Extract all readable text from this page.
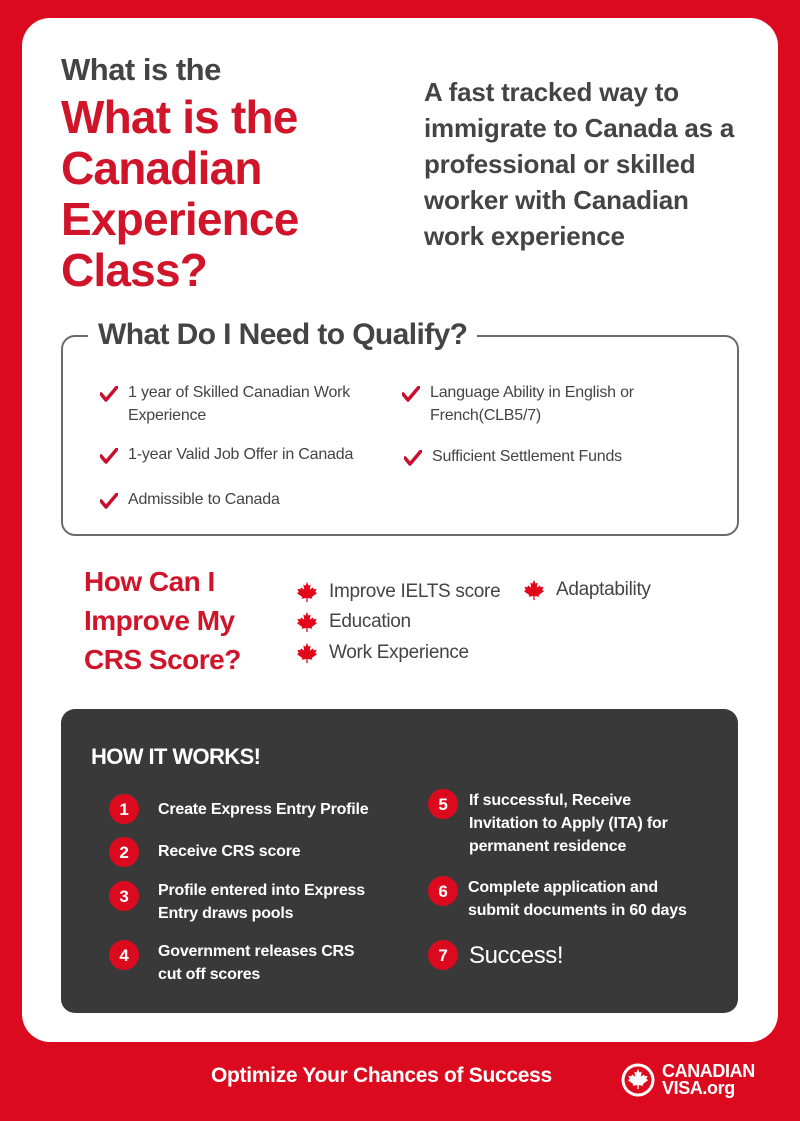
What is the
What is the Canadian Experience Class?

A fast tracked way to immigrate to Canada as a professional or skilled worker with Canadian work experience

What Do I Need to Qualify?
1 year of Skilled Canadian Work Experience
Language Ability in English or French(CLB5/7)
1-year Valid Job Offer in Canada	Sufficient Settlement Funds
Admissible to Canada
How Can I Improve My CRS Score?
Improve IELTS score	Adaptability
Education
Work Experience
HOW IT WORKS!
1	Create Express Entry Profile
2	Receive CRS score
3	Profile entered into Express Entry draws pools
4	Government releases CRS cut off scores
5	If successful, Receive Invitation to Apply (ITA) for permanent residence
6	Complete application and submit documents in 60 days
7 Success!
Optimize Your Chances of Success	CANADIAN
VISA.org
